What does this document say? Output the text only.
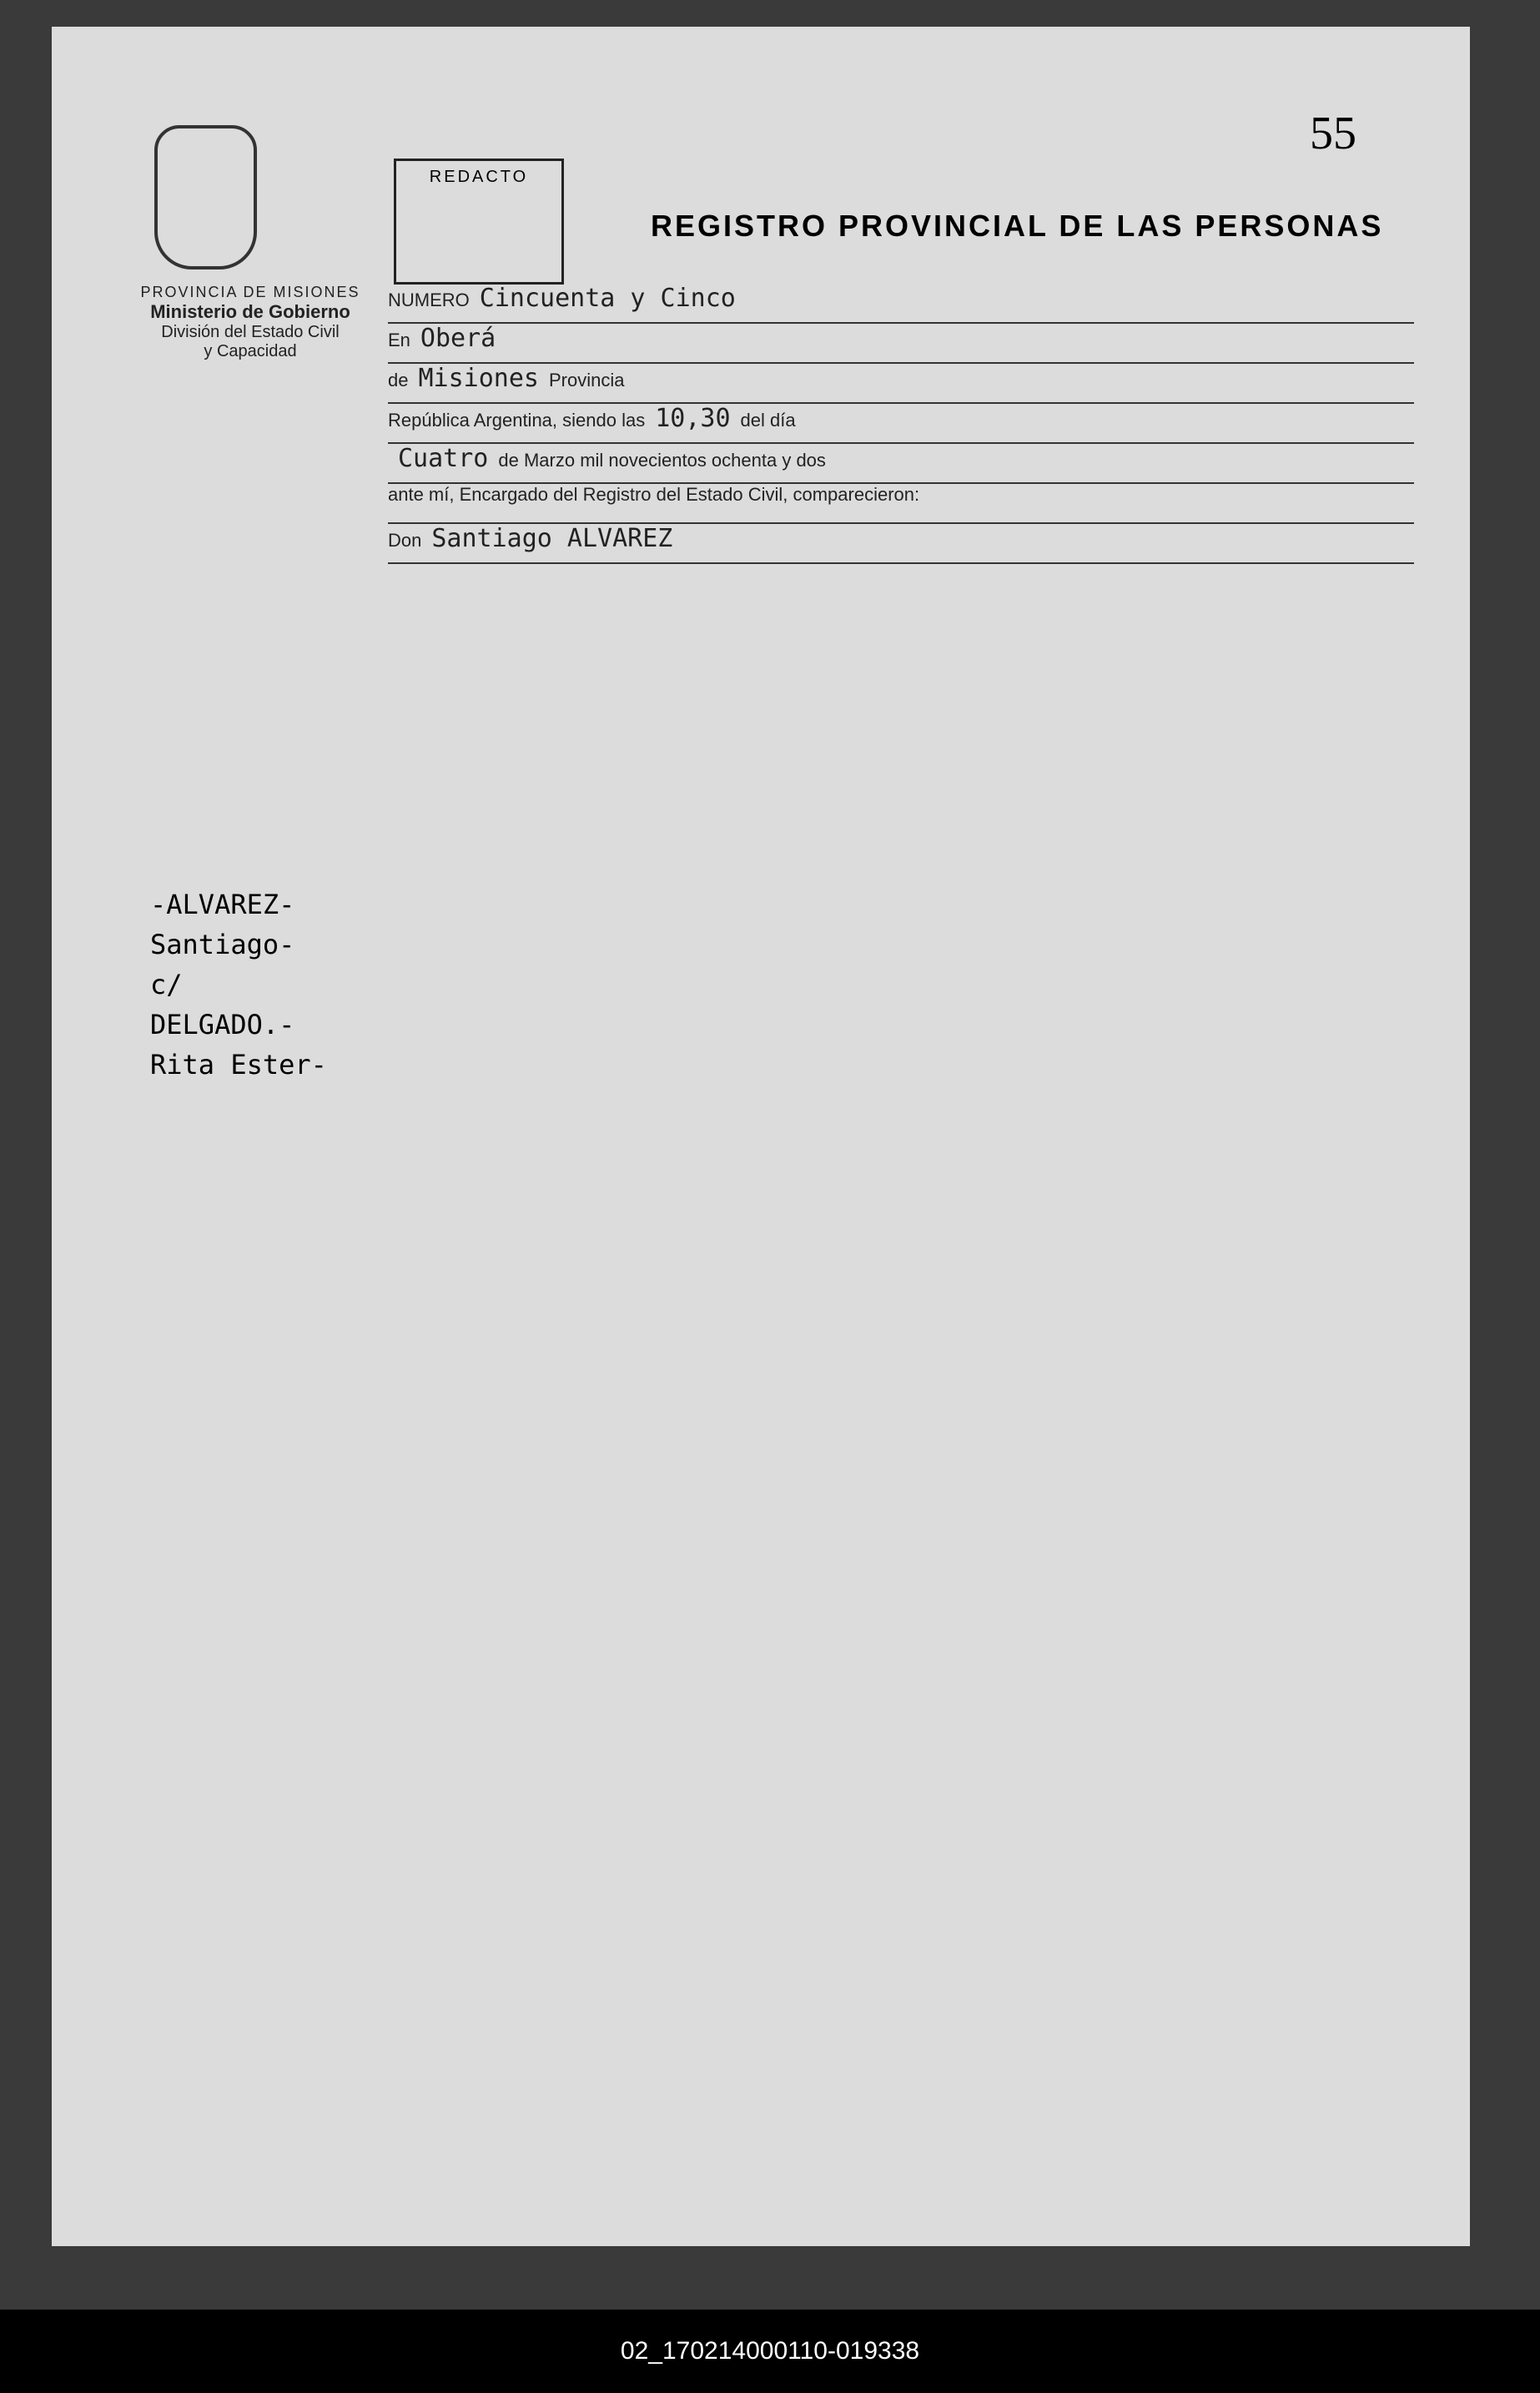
55
PROVINCIA DE MISIONES
Ministerio de Gobierno
División del Estado Civil
y Capacidad
REDACTO
REGISTRO PROVINCIAL DE LAS PERSONAS
NUMERO Cincuenta y Cinco
En Oberá
de Misiones Provincia
República Argentina, siendo las 10,30 del día
Cuatro de Marzo mil novecientos ochenta y dos
ante mí, Encargado del Registro del Estado Civil, comparecieron:
Don Santiago ALVAREZ
-ALVAREZ-
Santiago-
c/
DELGADO.-
Rita Ester-
02_170214000110-019338
